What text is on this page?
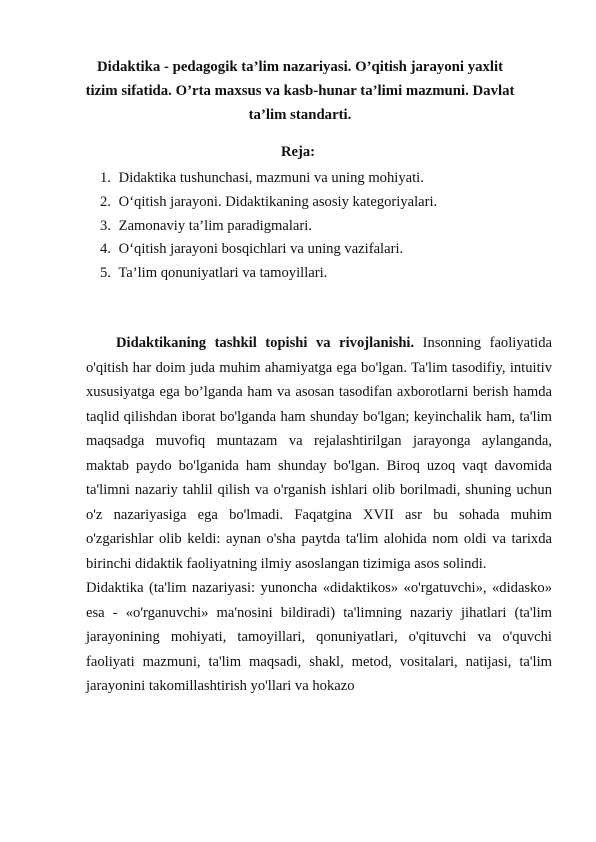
Didaktika - pedagogik ta’lim nazariyasi. O’qitish jarayoni yaxlit tizim sifatida. O’rta maxsus va kasb-hunar ta’limi mazmuni. Davlat ta’lim standarti.
Reja:
1. Didaktika tushunchasi, mazmuni va uning mohiyati.
2. O‘qitish jarayoni. Didaktikaning asosiy kategoriyalari.
3. Zamonaviy ta’lim paradigmalari.
4. O‘qitish jarayoni bosqichlari va uning vazifalari.
5. Ta’lim qonuniyatlari va tamoyillari.

Didaktikaning tashkil topishi va rivojlanishi. Insonning faoliyatida o'qitish har doim juda muhim ahamiyatga ega bo'lgan. Ta'lim tasodifiy, intuitiv xususiyatga ega bo’lganda ham va asosan tasodifan axborotlarni berish hamda taqlid qilishdan iborat bo'lganda ham shunday bo'lgan; keyinchalik ham, ta'lim maqsadga muvofiq muntazam va rejalashtirilgan jarayonga aylanganda, maktab paydo bo'lganida ham shunday bo'lgan. Biroq uzoq vaqt davomida ta'limni nazariy tahlil qilish va o'rganish ishlari olib borilmadi, shuning uchun o'z nazariyasiga ega bo'lmadi. Faqatgina XVII asr bu sohada muhim o'zgarishlar olib keldi: aynan o'sha paytda ta'lim alohida nom oldi va tarixda birinchi didaktik faoliyatning ilmiy asoslangan tizimiga asos solindi.

Didaktika (ta'lim nazariyasi: yunoncha «didaktikos» «o'rgatuvchi», «didasko» esa - «o'rganuvchi» ma'nosini bildiradi) ta'limning nazariy jihatlari (ta'lim jarayonining mohiyati, tamoyillari, qonuniyatlari, o'qituvchi va o'quvchi faoliyati mazmuni, ta'lim maqsadi, shakl, metod, vositalari, natijasi, ta'lim jarayonini takomillashtirish yo'llari va hokazo
